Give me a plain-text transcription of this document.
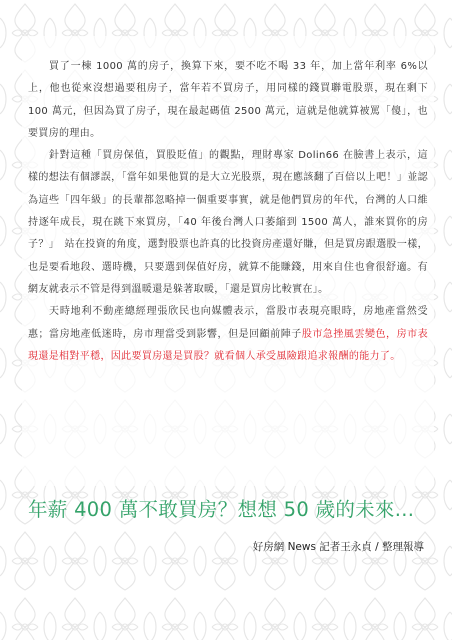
買了一棟 1000 萬的房子，換算下來，要不吃不喝 33 年，加上當年利率 6%以上，他也從來沒想過要租房子，當年若不買房子，用同樣的錢買聯電股票，現在剩下 100 萬元，但因為買了房子，現在最起碼值 2500 萬元，這就是他就算被罵「傻」，也要買房的理由。

針對這種「買房保值，買股貶值」的觀點，理財專家 Dolin66 在臉書上表示，這樣的想法有個謬誤，「當年如果他買的是大立光股票，現在應該翻了百倍以上吧！」並認為這些「四年級」的長輩都忽略掉一個重要事實，就是他們買房的年代，台灣的人口維持逐年成長，現在跳下來買房，「40 年後台灣人口萎縮到 1500 萬人，誰來買你的房子？」　站在投資的角度，選對股票也許真的比投資房產還好賺，但是買房跟選股一樣，也是要看地段、選時機，只要選到保值好房，就算不能賺錢，用來自住也會很舒適。有網友就表示不管是得到溫暖還是躲著取暖，「還是買房比較實在」。

天時地利不動產總經理張欣民也向媒體表示，當股市表現亮眼時，房地產當然受惠；當房地產低迷時，房市理當受到影響，但是回顧前陣子股市急挫風雲變色，房市表現還是相對平穩，因此要買房還是買股？就看個人承受風險跟追求報酬的能力了。

年薪 400 萬不敢買房？想想 50 歲的未來...
好房網 News 記者王永貞 / 整理報導
